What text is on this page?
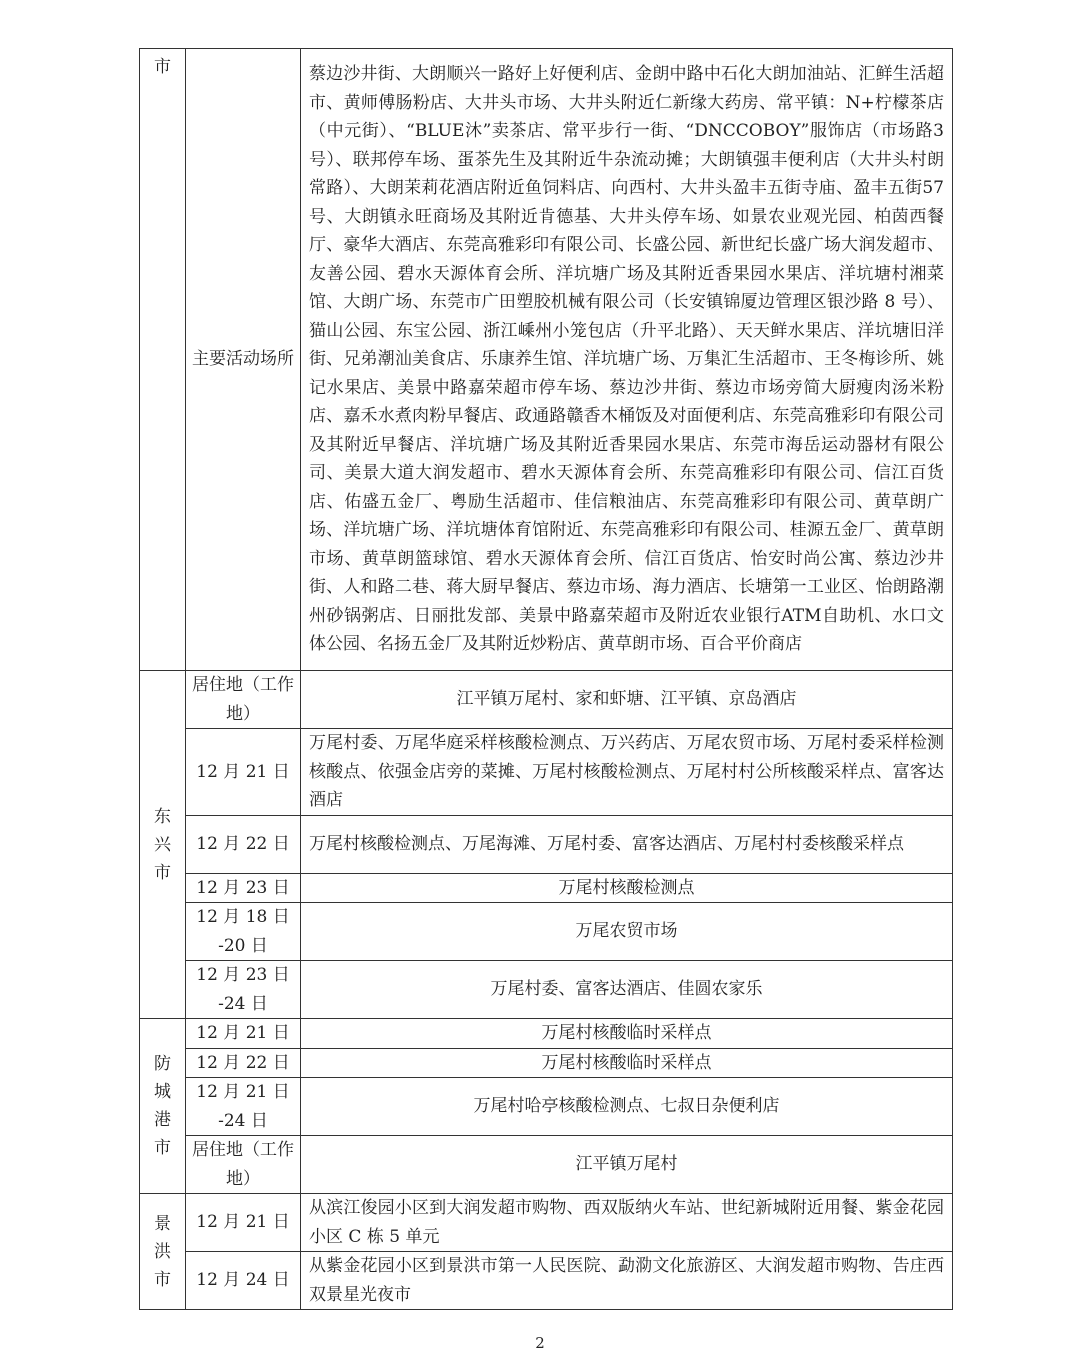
市	主要活动场所	蔡边沙井街、大朗顺兴一路好上好便利店、金朗中路中石化大朗加油站、汇鲜生活超市、黄师傅肠粉店、大井头市场、大井头附近仁新缘大药房、常平镇：N+柠檬茶店（中元街）、“BLUE沐”卖茶店、常平步行一街、“DNCCOBOY”服饰店（市场路3号）、联邦停车场、蛋茶先生及其附近牛杂流动摊；大朗镇强丰便利店（大井头村朗常路）、大朗茉莉花酒店附近鱼饲料店、向西村、大井头盈丰五街寺庙、盈丰五街57号、大朗镇永旺商场及其附近肯德基、大井头停车场、如景农业观光园、柏茵西餐厅、豪华大酒店、东莞高雅彩印有限公司、长盛公园、新世纪长盛广场大润发超市、友善公园、碧水天源体育会所、洋坑塘广场及其附近香果园水果店、洋坑塘村湘菜馆、大朗广场、东莞市广田塑胶机械有限公司（长安镇锦厦边管理区银沙路 8 号）、猫山公园、东宝公园、浙江嵊州小笼包店（升平北路）、天天鲜水果店、洋坑塘旧洋街、兄弟潮汕美食店、乐康养生馆、洋坑塘广场、万集汇生活超市、王冬梅诊所、姚记水果店、美景中路嘉荣超市停车场、蔡边沙井街、蔡边市场旁简大厨瘦肉汤米粉店、嘉禾水煮肉粉早餐店、政通路赣香木桶饭及对面便利店、东莞高雅彩印有限公司及其附近早餐店、洋坑塘广场及其附近香果园水果店、东莞市海岳运动器材有限公司、美景大道大润发超市、碧水天源体育会所、东莞高雅彩印有限公司、信江百货店、佑盛五金厂、粤励生活超市、佳信粮油店、东莞高雅彩印有限公司、黄草朗广场、洋坑塘广场、洋坑塘体育馆附近、东莞高雅彩印有限公司、桂源五金厂、黄草朗市场、黄草朗篮球馆、碧水天源体育会所、信江百货店、怡安时尚公寓、蔡边沙井街、人和路二巷、蒋大厨早餐店、蔡边市场、海力酒店、长塘第一工业区、怡朗路潮州砂锅粥店、日丽批发部、美景中路嘉荣超市及附近农业银行ATM自助机、水口文体公园、名扬五金厂及其附近炒粉店、黄草朗市场、百合平价商店

东兴市	居住地（工作地）	江平镇万尾村、家和虾塘、江平镇、京岛酒店
	12 月 21 日	万尾村委、万尾华庭采样核酸检测点、万兴药店、万尾农贸市场、万尾村委采样检测核酸点、依强金店旁的菜摊、万尾村核酸检测点、万尾村村公所核酸采样点、富客达酒店
	12 月 22 日	万尾村核酸检测点、万尾海滩、万尾村委、富客达酒店、万尾村村委核酸采样点
	12 月 23 日	万尾村核酸检测点
	12 月 18 日 -20 日	万尾农贸市场
	12 月 23 日 -24 日	万尾村委、富客达酒店、佳圆农家乐

防城港市	12 月 21 日	万尾村核酸临时采样点
	12 月 22 日	万尾村核酸临时采样点
	12 月 21 日 -24 日	万尾村哈亭核酸检测点、七叔日杂便利店
	居住地（工作地）	江平镇万尾村

景洪市	12 月 21 日	从滨江俊园小区到大润发超市购物、西双版纳火车站、世纪新城附近用餐、紫金花园小区 C 栋 5 单元
	12 月 24 日	从紫金花园小区到景洪市第一人民医院、勐泐文化旅游区、大润发超市购物、告庄西双景星光夜市
2
